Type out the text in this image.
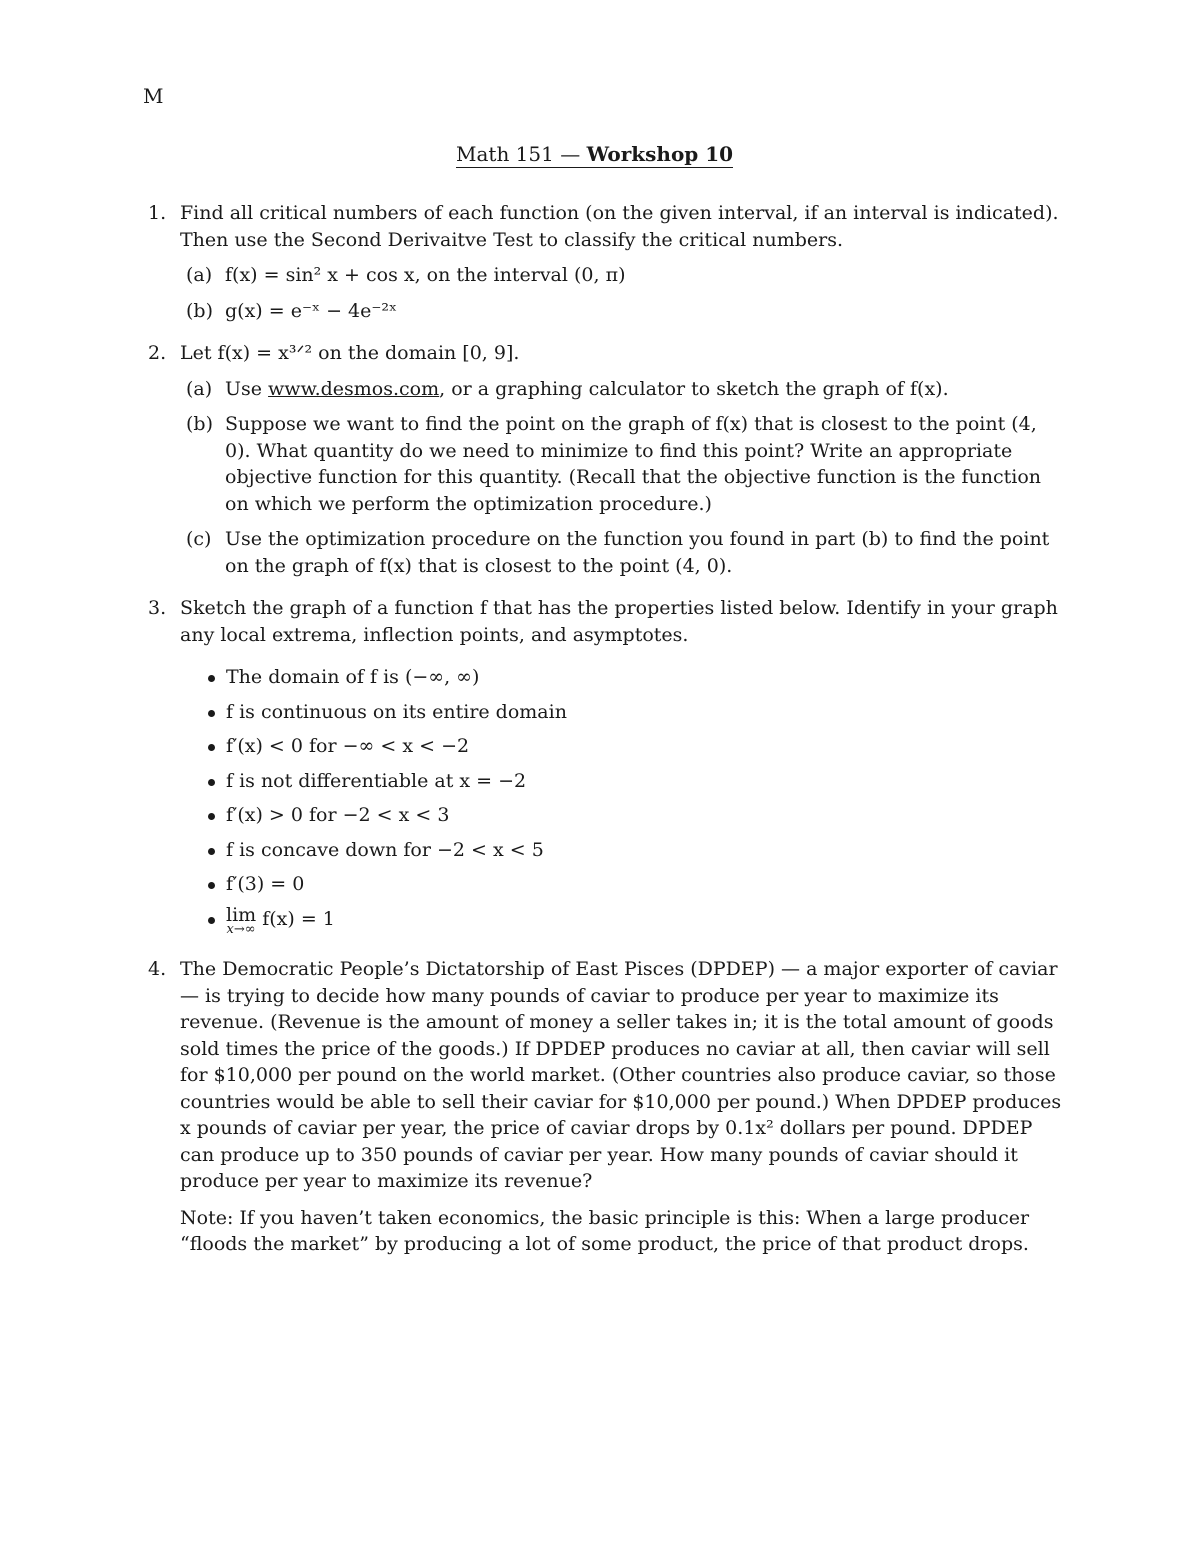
M
Math 151 — Workshop 10
1. Find all critical numbers of each function (on the given interval, if an interval is indicated). Then use the Second Derivaitve Test to classify the critical numbers.

(a) f(x) = sin² x + cos x, on the interval (0, π)
(b) g(x) = e⁻ˣ − 4e⁻²ˣ
2. Let f(x) = x³ᐟ² on the domain [0, 9].

(a) Use www.desmos.com, or a graphing calculator to sketch the graph of f(x).
(b) Suppose we want to find the point on the graph of f(x) that is closest to the point (4, 0). What quantity do we need to minimize to find this point? Write an appropriate objective function for this quantity. (Recall that the objective function is the function on which we perform the optimization procedure.)
(c) Use the optimization procedure on the function you found in part (b) to find the point on the graph of f(x) that is closest to the point (4, 0).
3. Sketch the graph of a function f that has the properties listed below. Identify in your graph any local extrema, inflection points, and asymptotes.

The domain of f is (−∞, ∞)
f is continuous on its entire domain
f′(x) < 0 for −∞ < x < −2
f is not differentiable at x = −2
f′(x) > 0 for −2 < x < 3
f is concave down for −2 < x < 5
f′(3) = 0
lim
x→∞ f(x) = 1
4. The Democratic People’s Dictatorship of East Pisces (DPDEP) — a major exporter of caviar — is trying to decide how many pounds of caviar to produce per year to maximize its revenue. (Revenue is the amount of money a seller takes in; it is the total amount of goods sold times the price of the goods.) If DPDEP produces no caviar at all, then caviar will sell for $10,000 per pound on the world market. (Other countries also produce caviar, so those countries would be able to sell their caviar for $10,000 per pound.) When DPDEP produces x pounds of caviar per year, the price of caviar drops by 0.1x² dollars per pound. DPDEP can produce up to 350 pounds of caviar per year. How many pounds of caviar should it produce per year to maximize its revenue?

Note: If you haven’t taken economics, the basic principle is this: When a large producer “floods the market” by producing a lot of some product, the price of that product drops.
